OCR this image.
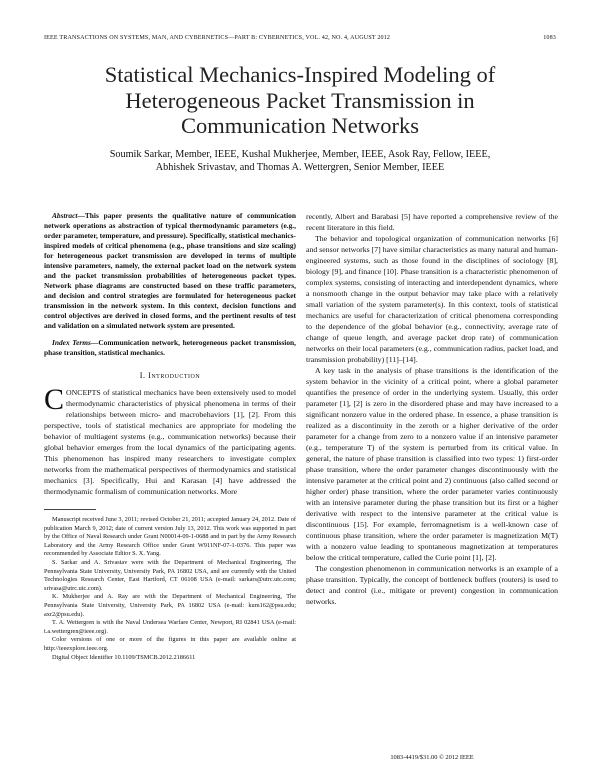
IEEE TRANSACTIONS ON SYSTEMS, MAN, AND CYBERNETICS—PART B: CYBERNETICS, VOL. 42, NO. 4, AUGUST 2012	1083
Statistical Mechanics-Inspired Modeling of
Heterogeneous Packet Transmission in
Communication Networks
Soumik Sarkar, Member, IEEE, Kushal Mukherjee, Member, IEEE, Asok Ray, Fellow, IEEE,
Abhishek Srivastav, and Thomas A. Wettergren, Senior Member, IEEE

Abstract—This paper presents the qualitative nature of communication network operations as abstraction of typical thermodynamic parameters (e.g., order parameter, temperature, and pressure). Specifically, statistical mechanics-inspired models of critical phenomena (e.g., phase transitions and size scaling) for heterogeneous packet transmission are developed in terms of multiple intensive parameters, namely, the external packet load on the network system and the packet transmission probabilities of heterogeneous packet types. Network phase diagrams are constructed based on these traffic parameters, and decision and control strategies are formulated for heterogeneous packet transmission in the network system. In this context, decision functions and control objectives are derived in closed forms, and the pertinent results of test and validation on a simulated network system are presented.

Index Terms—Communication network, heterogeneous packet transmission, phase transition, statistical mechanics.

I. Introduction

CONCEPTS of statistical mechanics have been extensively used to model thermodynamic characteristics of physical phenomena in terms of their relationships between micro- and macrobehaviors [1], [2]. From this perspective, tools of statistical mechanics are appropriate for modeling the behavior of multiagent systems (e.g., communication networks) because their global behavior emerges from the local dynamics of the participating agents. This phenomenon has inspired many researchers to investigate complex networks from the mathematical perspectives of thermodynamics and statistical mechanics [3]. Specifically, Hui and Karasan [4] have addressed the thermodynamic formalism of communication networks. More

Manuscript received June 3, 2011; revised October 21, 2011; accepted January 24, 2012. Date of publication March 9, 2012; date of current version July 13, 2012. This work was supported in part by the Office of Naval Research under Grant N00014-09-1-0688 and in part by the Army Research Laboratory and the Army Research Office under Grant W911NF-07-1-0376. This paper was recommended by Associate Editor S. X. Yang.

S. Sarkar and A. Srivastav were with the Department of Mechanical Engineering, The Pennsylvania State University, University Park, PA 16802 USA, and are currently with the United Technologies Research Center, East Hartford, CT 06108 USA (e-mail: sarkars@utrc.utc.com; srivasa@utrc.utc.com).

K. Mukherjee and A. Ray are with the Department of Mechanical Engineering, The Pennsylvania State University, University Park, PA 16802 USA (e-mail: kum162@psu.edu; axr2@psu.edu).

T. A. Wettergren is with the Naval Undersea Warfare Center, Newport, RI 02841 USA (e-mail: t.a.wettergren@ieee.org).

Color versions of one or more of the figures in this paper are available online at http://ieeexplore.ieee.org.

Digital Object Identifier 10.1109/TSMCB.2012.2186611

recently, Albert and Barabasi [5] have reported a comprehensive review of the recent literature in this field.

The behavior and topological organization of communication networks [6] and sensor networks [7] have similar characteristics as many natural and human-engineered systems, such as those found in the disciplines of sociology [8], biology [9], and finance [10]. Phase transition is a characteristic phenomenon of complex systems, consisting of interacting and interdependent dynamics, where a nonsmooth change in the output behavior may take place with a relatively small variation of the system parameter(s). In this context, tools of statistical mechanics are useful for characterization of critical phenomena corresponding to the dependence of the global behavior (e.g., connectivity, average rate of change of queue length, and average packet drop rate) of communication networks on their local parameters (e.g., communication radius, packet load, and transmission probability) [11]–[14].

A key task in the analysis of phase transitions is the identification of the system behavior in the vicinity of a critical point, where a global parameter quantifies the presence of order in the underlying system. Usually, this order parameter [1], [2] is zero in the disordered phase and may have increased to a significant nonzero value in the ordered phase. In essence, a phase transition is realized as a discontinuity in the zeroth or a higher derivative of the order parameter for a change from zero to a nonzero value if an intensive parameter (e.g., temperature T) of the system is perturbed from its critical value. In general, the nature of phase transition is classified into two types: 1) first-order phase transition, where the order parameter changes discontinuously with the intensive parameter at the critical point and 2) continuous (also called second or higher order) phase transition, where the order parameter varies continuously with an intensive parameter during the phase transition but its first or a higher derivative with respect to the intensive parameter at the critical value is discontinuous [15]. For example, ferromagnetism is a well-known case of continuous phase transition, where the order parameter is magnetization M(T) with a nonzero value leading to spontaneous magnetization at temperatures below the critical temperature, called the Curie point [1], [2].

The congestion phenomenon in communication networks is an example of a phase transition. Typically, the concept of bottleneck buffers (routers) is used to detect and control (i.e., mitigate or prevent) congestion in communication networks.

1083-4419/$31.00 © 2012 IEEE
